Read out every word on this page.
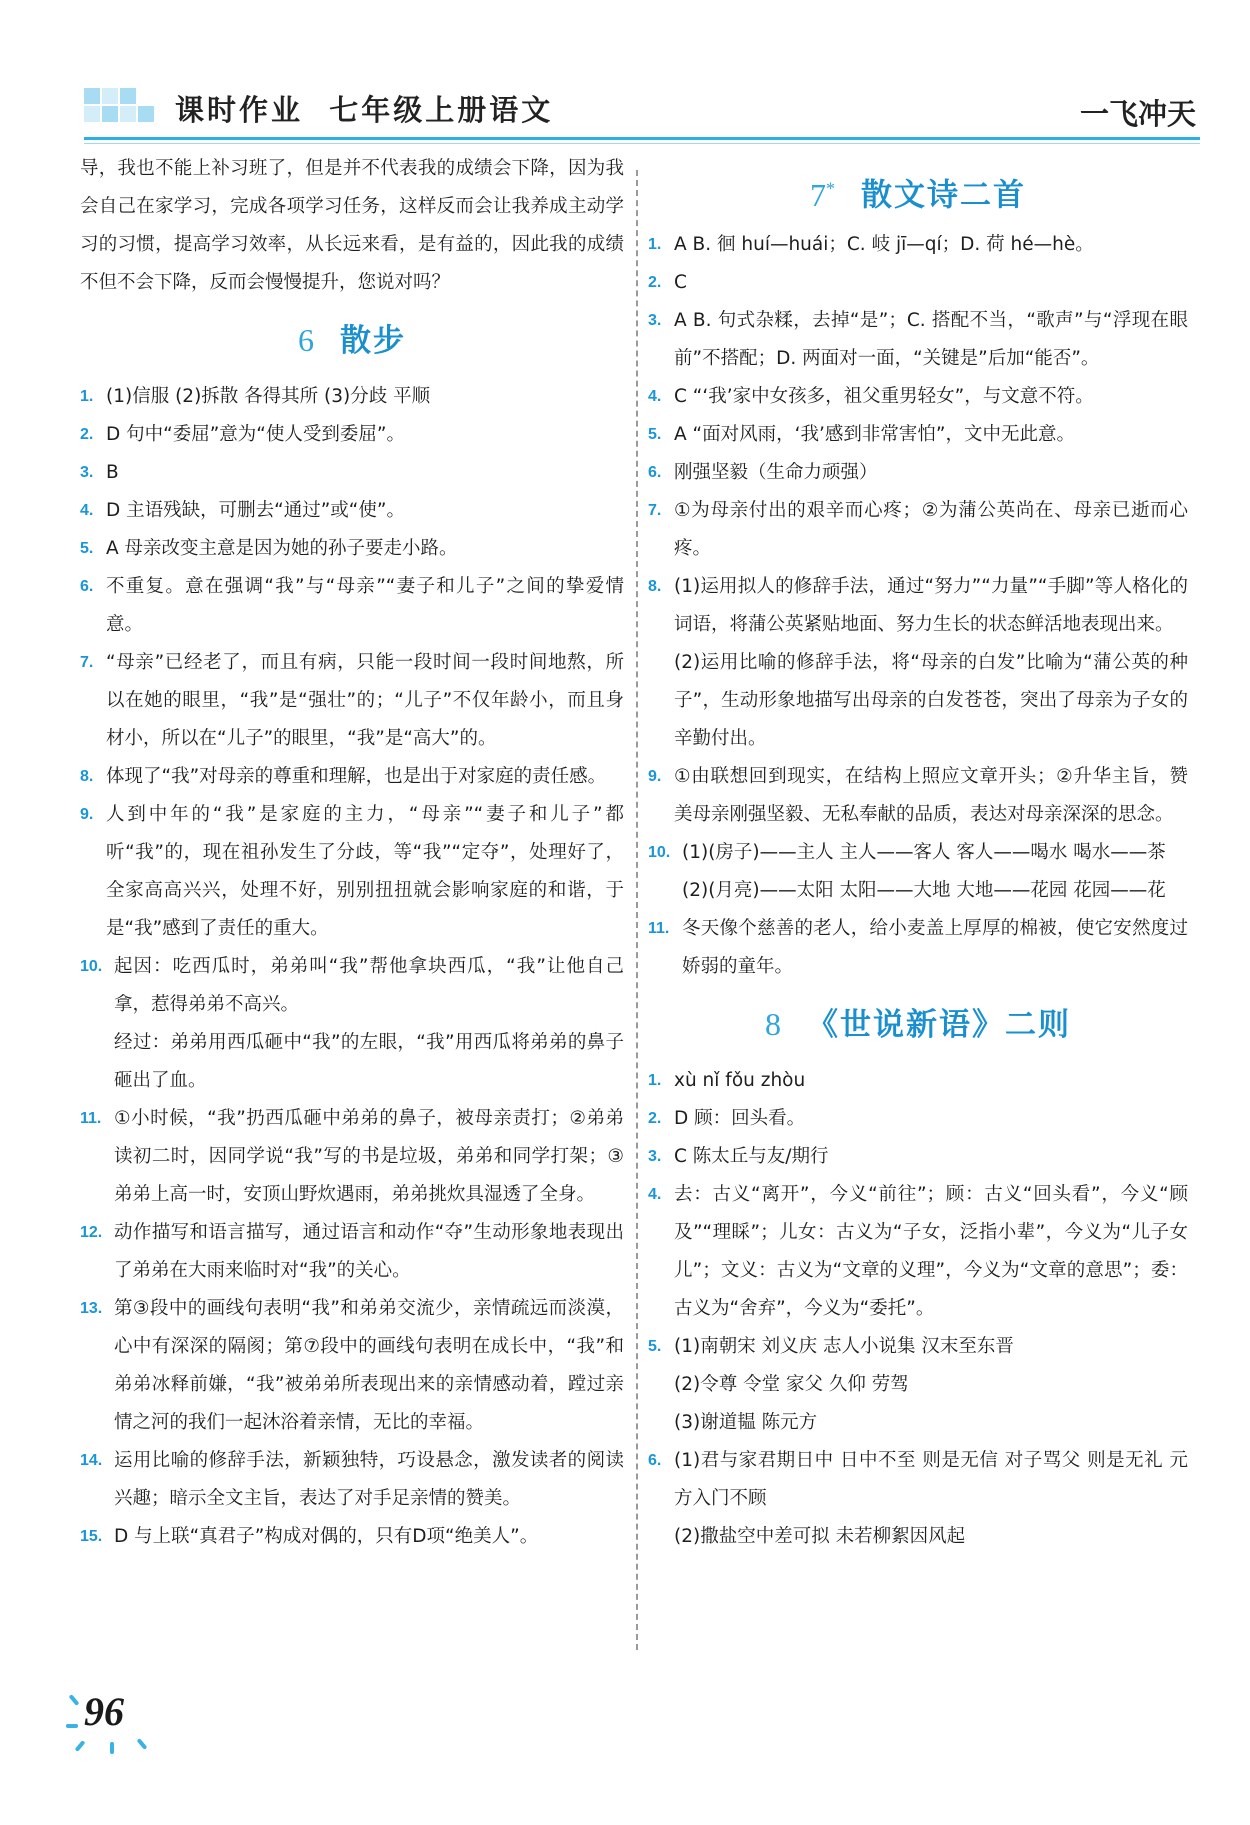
课时作业  七年级上册语文	一飞冲天

导，我也不能上补习班了，但是并不代表我的成绩会下降，因为我会自己在家学习，完成各项学习任务，这样反而会让我养成主动学习的习惯，提高学习效率，从长远来看，是有益的，因此我的成绩不但不会下降，反而会慢慢提升，您说对吗？

6 散步
1. (1)信服 (2)拆散 各得其所 (3)分歧 平顺

2. D 句中“委屈”意为“使人受到委屈”。

3. B

4. D 主语残缺，可删去“通过”或“使”。

5. A 母亲改变主意是因为她的孙子要走小路。

6. 不重复。意在强调“我”与“母亲”“妻子和儿子”之间的挚爱情意。

7. “母亲”已经老了，而且有病，只能一段时间一段时间地熬，所以在她的眼里，“我”是“强壮”的；“儿子”不仅年龄小，而且身材小，所以在“儿子”的眼里，“我”是“高大”的。

8. 体现了“我”对母亲的尊重和理解，也是出于对家庭的责任感。

9. 人到中年的“我”是家庭的主力，“母亲”“妻子和儿子”都听“我”的，现在祖孙发生了分歧，等“我”“定夺”，处理好了，全家高高兴兴，处理不好，别别扭扭就会影响家庭的和谐，于是“我”感到了责任的重大。

10. 起因：吃西瓜时，弟弟叫“我”帮他拿块西瓜，“我”让他自己拿，惹得弟弟不高兴。

经过：弟弟用西瓜砸中“我”的左眼，“我”用西瓜将弟弟的鼻子砸出了血。

11. ①小时候，“我”扔西瓜砸中弟弟的鼻子，被母亲责打；②弟弟读初二时，因同学说“我”写的书是垃圾，弟弟和同学打架；③弟弟上高一时，安顶山野炊遇雨，弟弟挑炊具湿透了全身。

12. 动作描写和语言描写，通过语言和动作“夺”生动形象地表现出了弟弟在大雨来临时对“我”的关心。

13. 第③段中的画线句表明“我”和弟弟交流少，亲情疏远而淡漠，心中有深深的隔阂；第⑦段中的画线句表明在成长中，“我”和弟弟冰释前嫌，“我”被弟弟所表现出来的亲情感动着，蹚过亲情之河的我们一起沐浴着亲情，无比的幸福。

14. 运用比喻的修辞手法，新颖独特，巧设悬念，激发读者的阅读兴趣；暗示全文主旨，表达了对手足亲情的赞美。

15. D 与上联“真君子”构成对偶的，只有D项“绝美人”。

7* 散文诗二首
1. A B. 徊 huí—huái；C. 岐 jī—qí；D. 荷 hé—hè。

2. C

3. A B. 句式杂糅，去掉“是”；C. 搭配不当，“歌声”与“浮现在眼前”不搭配；D. 两面对一面，“关键是”后加“能否”。

4. C “‘我’家中女孩多，祖父重男轻女”，与文意不符。

5. A “面对风雨，‘我’感到非常害怕”，文中无此意。

6. 刚强坚毅（生命力顽强）

7. ①为母亲付出的艰辛而心疼；②为蒲公英尚在、母亲已逝而心疼。

8. (1)运用拟人的修辞手法，通过“努力”“力量”“手脚”等人格化的词语，将蒲公英紧贴地面、努力生长的状态鲜活地表现出来。

(2)运用比喻的修辞手法，将“母亲的白发”比喻为“蒲公英的种子”，生动形象地描写出母亲的白发苍苍，突出了母亲为子女的辛勤付出。

9. ①由联想回到现实，在结构上照应文章开头；②升华主旨，赞美母亲刚强坚毅、无私奉献的品质，表达对母亲深深的思念。

10. (1)(房子)——主人 主人——客人 客人——喝水 喝水——茶

(2)(月亮)——太阳 太阳——大地 大地——花园 花园——花

11. 冬天像个慈善的老人，给小麦盖上厚厚的棉被，使它安然度过娇弱的童年。

8 《世说新语》二则
1. xù nǐ fǒu zhòu

2. D 顾：回头看。

3. C 陈太丘与友/期行

4. 去：古义“离开”，今义“前往”；顾：古义“回头看”，今义“顾及”“理睬”；儿女：古义为“子女，泛指小辈”，今义为“儿子女儿”；文义：古义为“文章的义理”，今义为“文章的意思”；委：古义为“舍弃”，今义为“委托”。

5. (1)南朝宋 刘义庆 志人小说集 汉末至东晋

(2)令尊 令堂 家父 久仰 劳驾

(3)谢道韫 陈元方

6. (1)君与家君期日中 日中不至 则是无信 对子骂父 则是无礼 元方入门不顾

(2)撒盐空中差可拟 未若柳絮因风起

96
